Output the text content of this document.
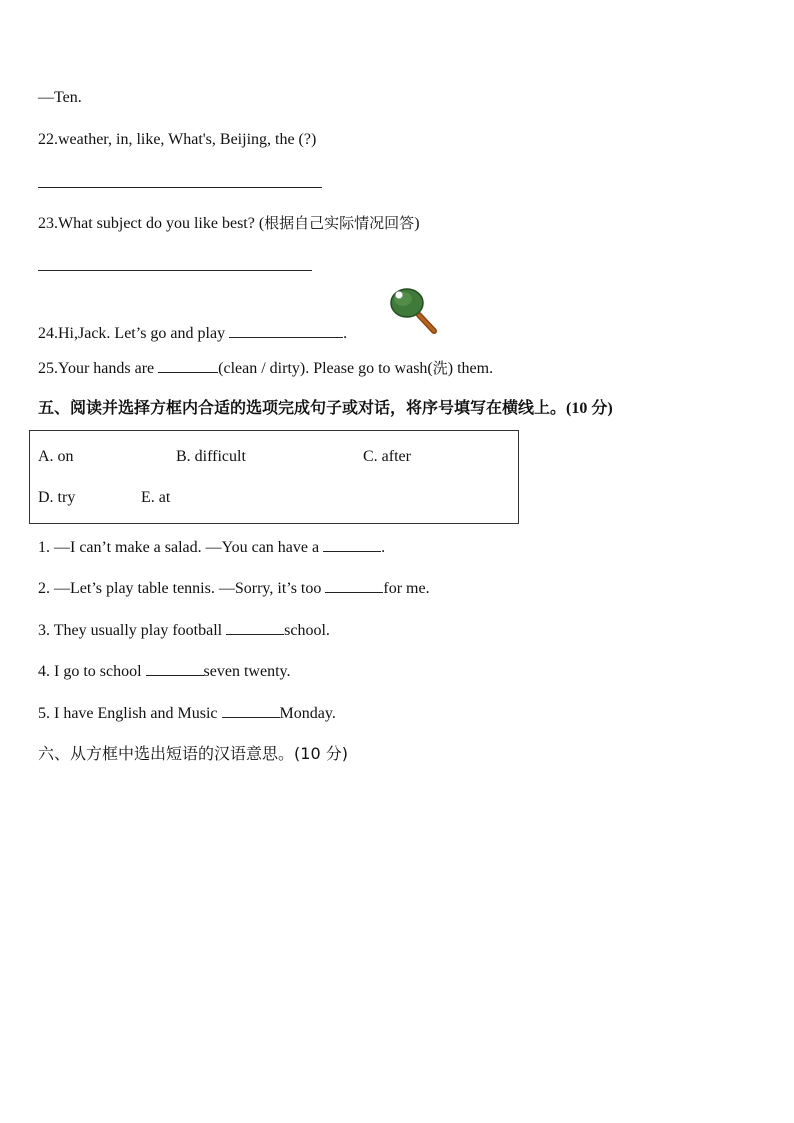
—Ten.
22.weather, in, like, What's, Beijing, the (?)
23.What subject do you like best? (根据自己实际情况回答)
24.Hi,Jack. Let’s go and play	.
25.Your hands are	(clean / dirty). Please go to wash(洗) them.
五、阅读并选择方框内合适的选项完成句子或对话，将序号填写在横线上。(10 分)
A. on	B. difficult	C. after
D. try	E. at
1. —I can’t make a salad. —You can have a	.
2. —Let’s play table tennis. —Sorry, it’s too	for me.
3. They usually play football	school.
4. I go to school	seven twenty.
5. I have English and Music	Monday.
六、从方框中选出短语的汉语意思。(10 分)
